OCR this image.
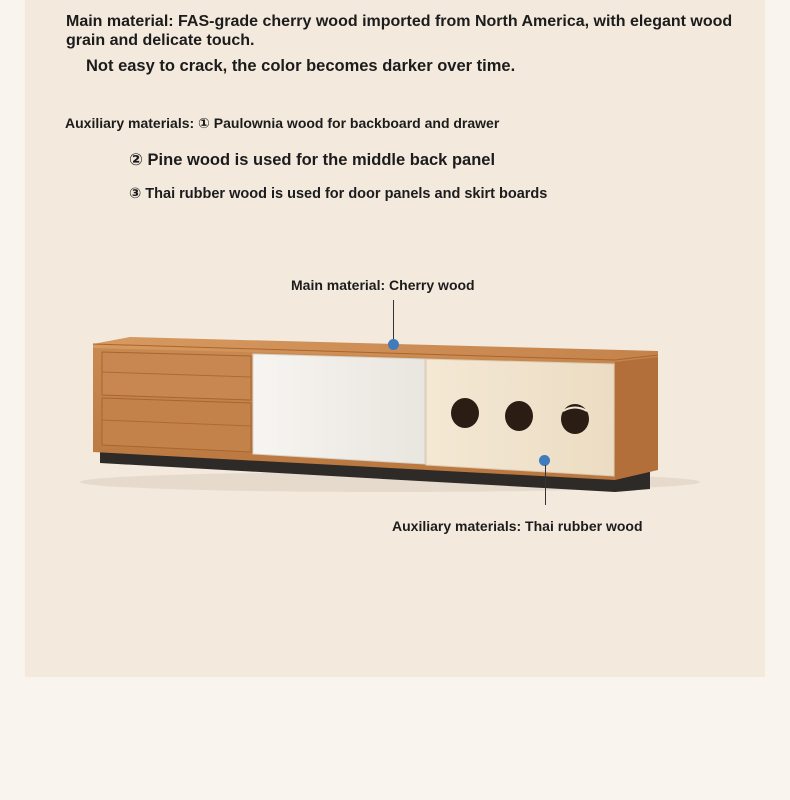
Main material: FAS-grade cherry wood imported from North America, with elegant wood grain and delicate touch.
Not easy to crack, the color becomes darker over time.
Auxiliary materials: ① Paulownia wood for backboard and drawer
② Pine wood is used for the middle back panel
③ Thai rubber wood is used for door panels and skirt boards
Main material: Cherry wood
Auxiliary materials: Thai rubber wood
